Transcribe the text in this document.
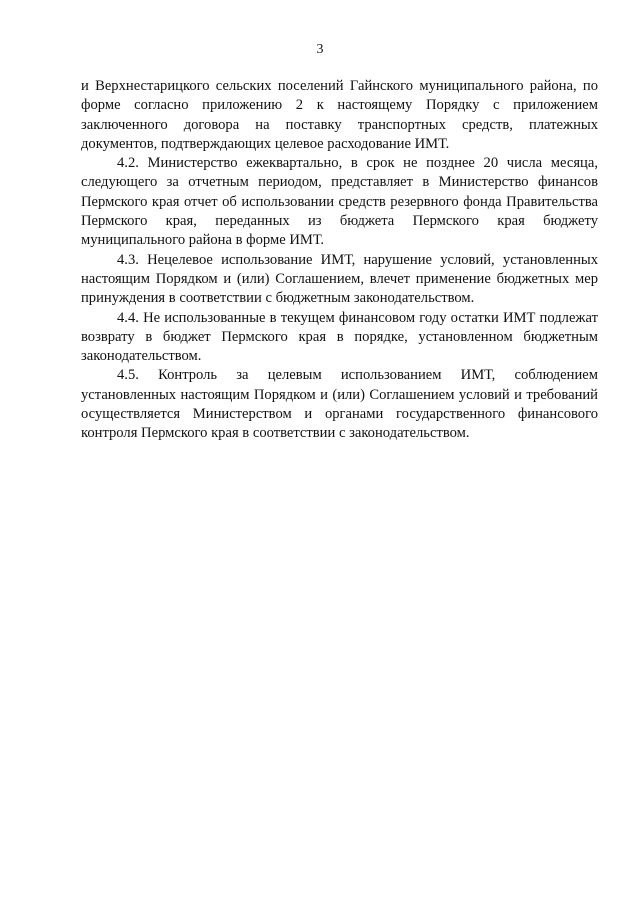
3

и Верхнестарицкого сельских поселений Гайнского муниципального района, по форме согласно приложению 2 к настоящему Порядку с приложением заключенного договора на поставку транспортных средств, платежных документов, подтверждающих целевое расходование ИМТ.

4.2. Министерство ежеквартально, в срок не позднее 20 числа месяца, следующего за отчетным периодом, представляет в Министерство финансов Пермского края отчет об использовании средств резервного фонда Правительства Пермского края, переданных из бюджета Пермского края бюджету муниципального района в форме ИМТ.

4.3. Нецелевое использование ИМТ, нарушение условий, установленных настоящим Порядком и (или) Соглашением, влечет применение бюджетных мер принуждения в соответствии с бюджетным законодательством.

4.4. Не использованные в текущем финансовом году остатки ИМТ подлежат возврату в бюджет Пермского края в порядке, установленном бюджетным законодательством.

4.5. Контроль за целевым использованием ИМТ, соблюдением установленных настоящим Порядком и (или) Соглашением условий и требований осуществляется Министерством и органами государственного финансового контроля Пермского края в соответствии с законодательством.
